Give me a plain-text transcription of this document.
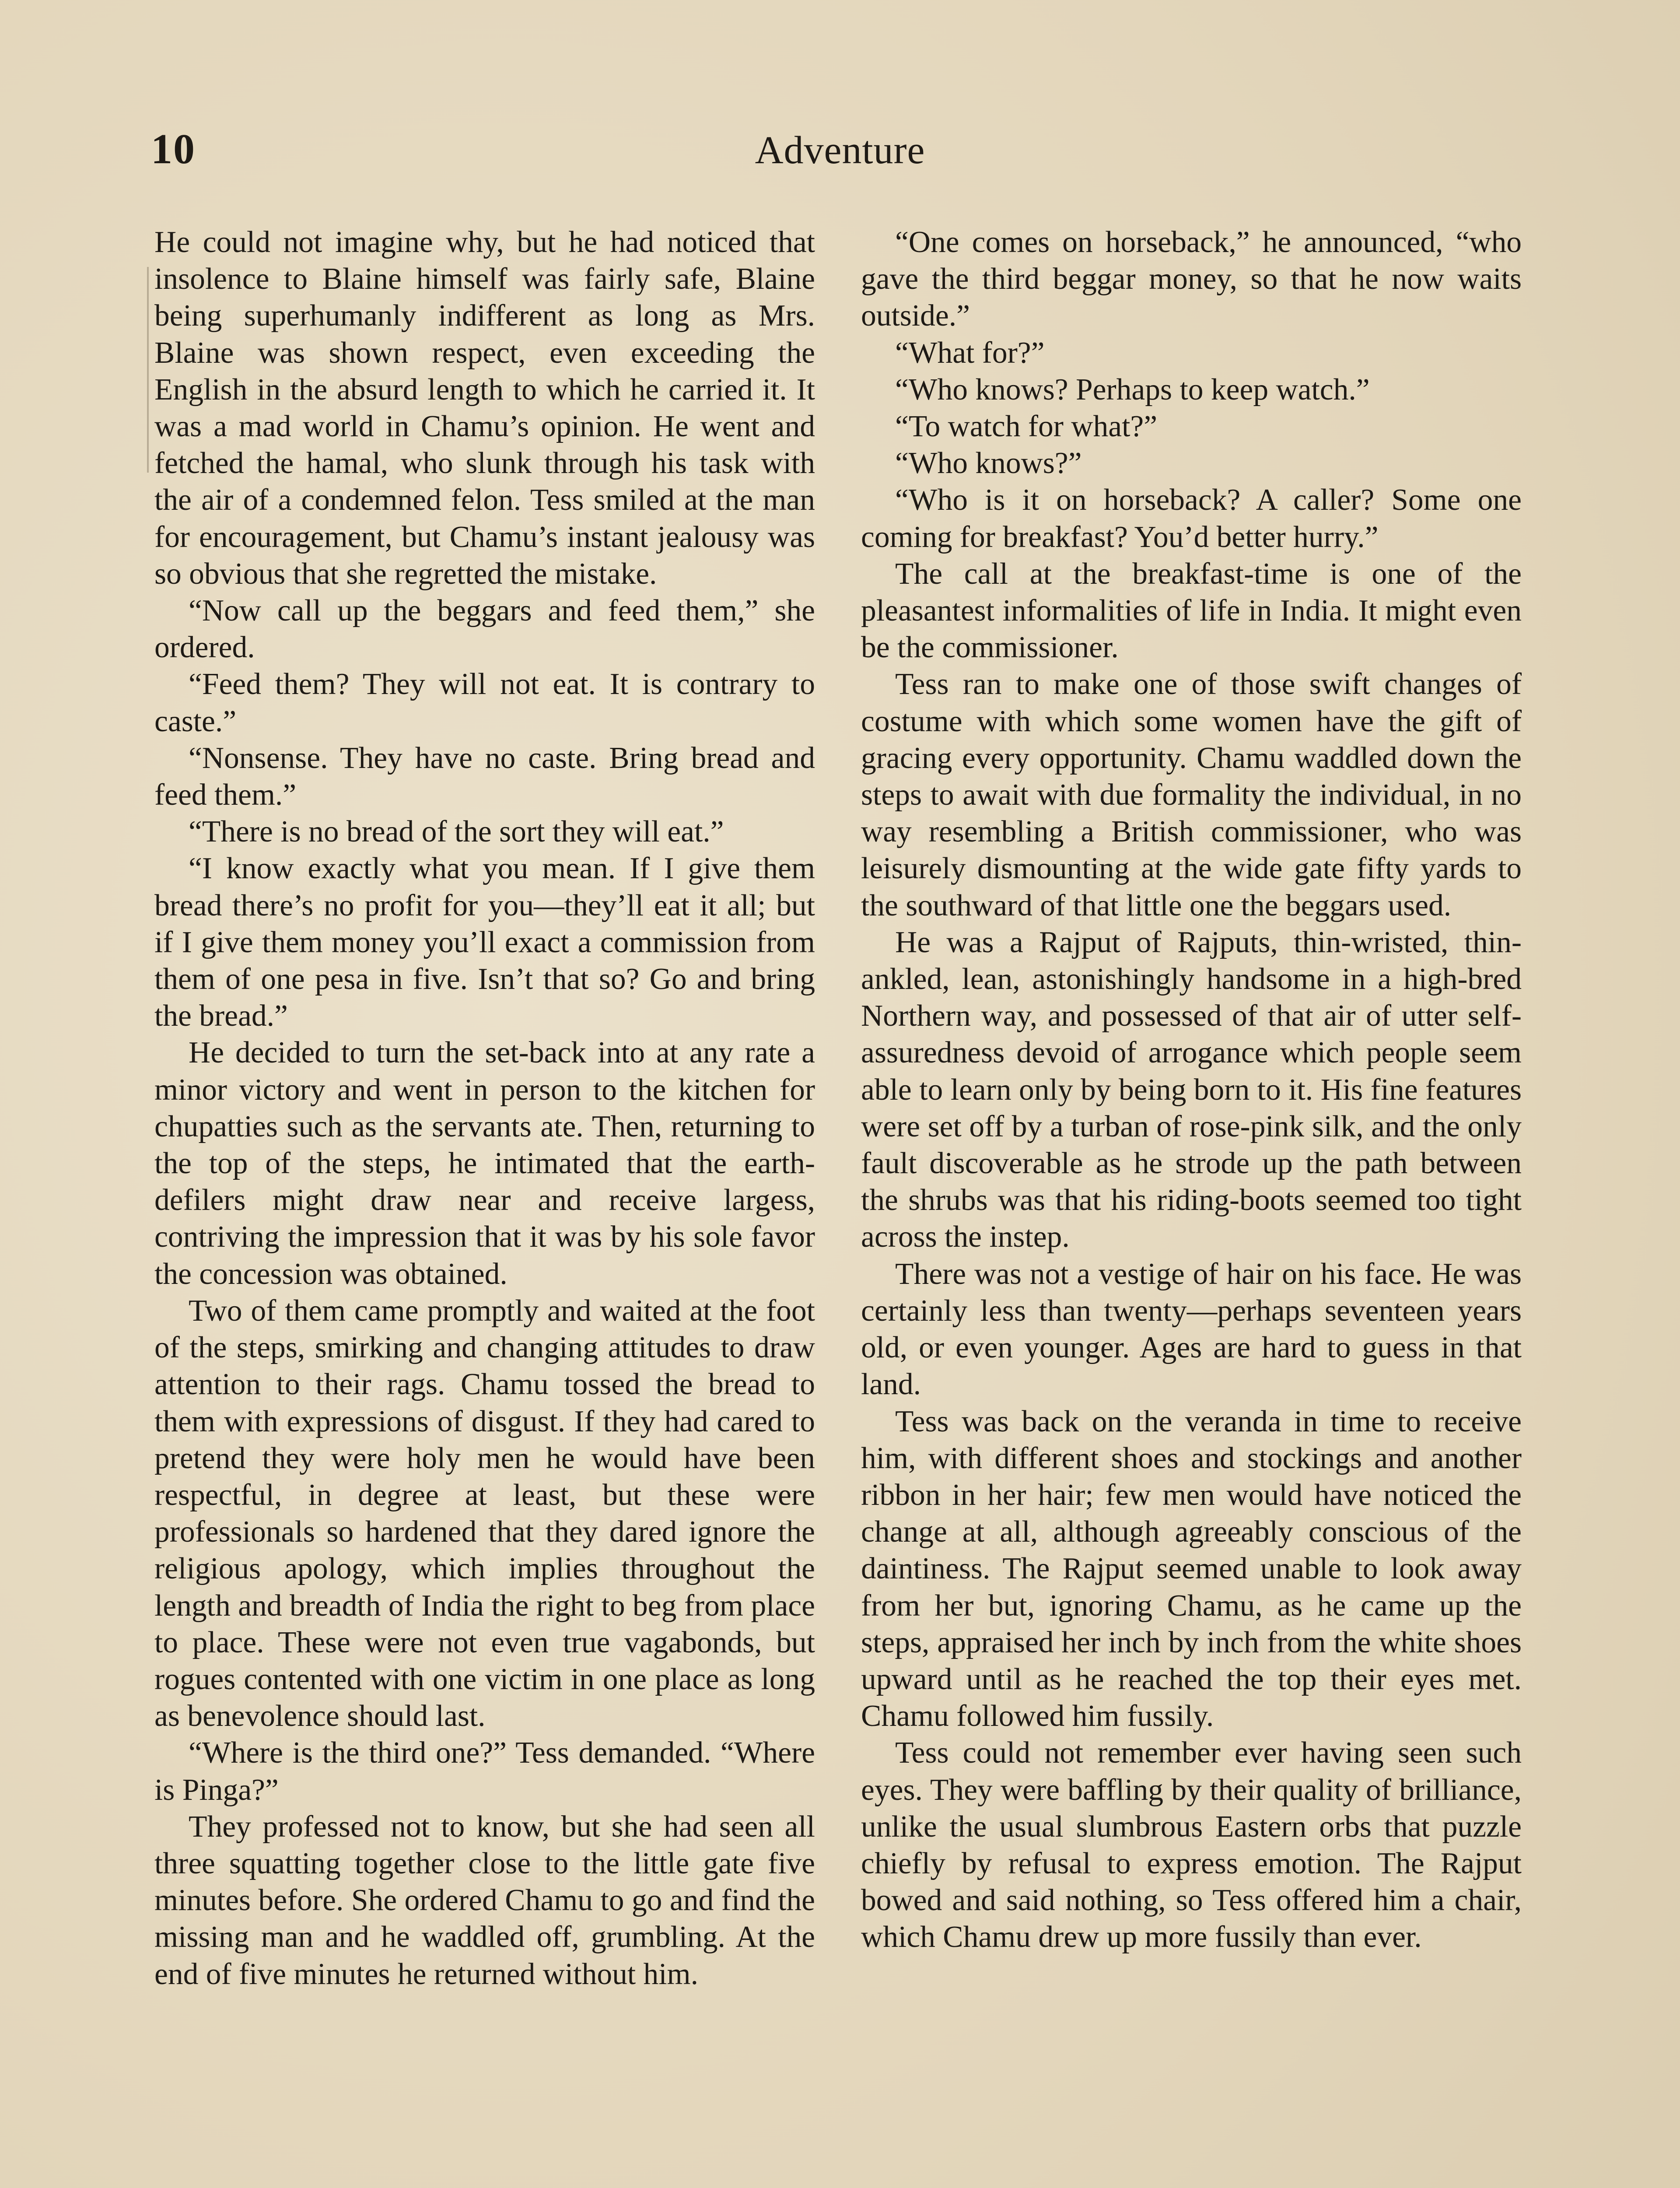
10	Adventure

He could not imagine why, but he had noticed that insolence to Blaine himself was fairly safe, Blaine being superhumanly indifferent as long as Mrs. Blaine was shown respect, even exceeding the English in the absurd length to which he carried it. It was a mad world in Chamu’s opinion. He went and fetched the hamal, who slunk through his task with the air of a condemned felon. Tess smiled at the man for encouragement, but Chamu’s instant jealousy was so obvious that she regretted the mistake.

“Now call up the beggars and feed them,” she ordered.

“Feed them? They will not eat. It is contrary to caste.”

“Nonsense. They have no caste. Bring bread and feed them.”

“There is no bread of the sort they will eat.”

“I know exactly what you mean. If I give them bread there’s no profit for you—they’ll eat it all; but if I give them money you’ll exact a commission from them of one pesa in five. Isn’t that so? Go and bring the bread.”

He decided to turn the set-back into at any rate a minor victory and went in person to the kitchen for chupatties such as the servants ate. Then, returning to the top of the steps, he intimated that the earth-defilers might draw near and receive largess, contriving the impression that it was by his sole favor the concession was obtained.

Two of them came promptly and waited at the foot of the steps, smirking and changing attitudes to draw attention to their rags. Chamu tossed the bread to them with expressions of disgust. If they had cared to pretend they were holy men he would have been respectful, in degree at least, but these were professionals so hardened that they dared ignore the religious apology, which implies throughout the length and breadth of India the right to beg from place to place. These were not even true vagabonds, but rogues contented with one victim in one place as long as benevolence should last.

“Where is the third one?” Tess demanded. “Where is Pinga?”

They professed not to know, but she had seen all three squatting together close to the little gate five minutes before. She ordered Chamu to go and find the missing man and he waddled off, grumbling. At the end of five minutes he returned without him.

“One comes on horseback,” he announced, “who gave the third beggar money, so that he now waits outside.”

“What for?”

“Who knows? Perhaps to keep watch.”

“To watch for what?”

“Who knows?”

“Who is it on horseback? A caller? Some one coming for breakfast? You’d better hurry.”

The call at the breakfast-time is one of the pleasantest informalities of life in India. It might even be the commissioner.

Tess ran to make one of those swift changes of costume with which some women have the gift of gracing every opportunity. Chamu waddled down the steps to await with due formality the individual, in no way resembling a British commissioner, who was leisurely dismounting at the wide gate fifty yards to the southward of that little one the beggars used.

He was a Rajput of Rajputs, thin-wristed, thin-ankled, lean, astonishingly handsome in a high-bred Northern way, and possessed of that air of utter self-assuredness devoid of arrogance which people seem able to learn only by being born to it. His fine features were set off by a turban of rose-pink silk, and the only fault discoverable as he strode up the path between the shrubs was that his riding-boots seemed too tight across the instep.

There was not a vestige of hair on his face. He was certainly less than twenty—perhaps seventeen years old, or even younger. Ages are hard to guess in that land.

Tess was back on the veranda in time to receive him, with different shoes and stockings and another ribbon in her hair; few men would have noticed the change at all, although agreeably conscious of the daintiness. The Rajput seemed unable to look away from her but, ignoring Chamu, as he came up the steps, appraised her inch by inch from the white shoes upward until as he reached the top their eyes met. Chamu followed him fussily.

Tess could not remember ever having seen such eyes. They were baffling by their quality of brilliance, unlike the usual slumbrous Eastern orbs that puzzle chiefly by refusal to express emotion. The Rajput bowed and said nothing, so Tess offered him a chair, which Chamu drew up more fussily than ever.
